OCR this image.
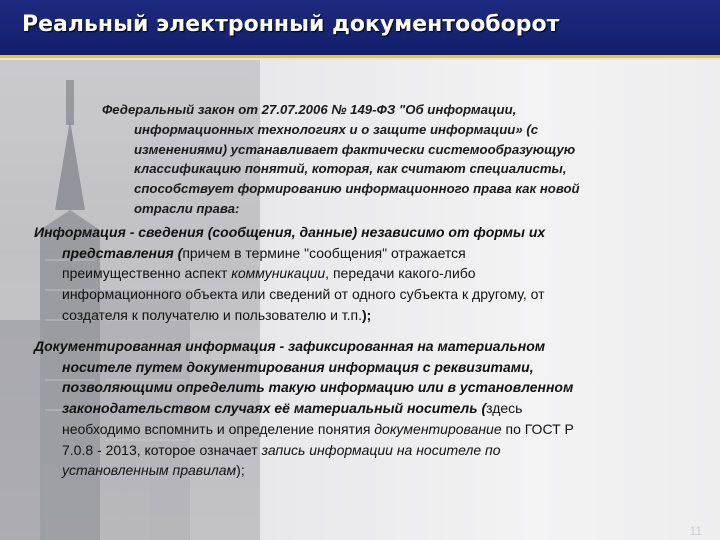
Реальный электронный документооборот
Федеральный закон от 27.07.2006 № 149-ФЗ "Об информации,
информационных технологиях и о защите информации» (с
изменениями) устанавливает фактически системообразующую
классификацию понятий, которая, как считают специалисты,
способствует формированию информационного права как новой
отрасли права:
Информация - сведения (сообщения, данные) независимо от формы их
представления (причем в термине "сообщения" отражается
преимущественно аспект коммуникации, передачи какого-либо
информационного объекта или сведений от одного субъекта к другому, от
создателя к получателю и пользователю и т.п.);
Документированная информация - зафиксированная на материальном
носителе путем документирования информация с реквизитами,
позволяющими определить такую информацию или в установленном
законодательством случаях её материальный носитель (здесь
необходимо вспомнить и определение понятия документирование по ГОСТ Р
7.0.8 - 2013, которое означает запись информации на носителе по
установленным правилам);
11
